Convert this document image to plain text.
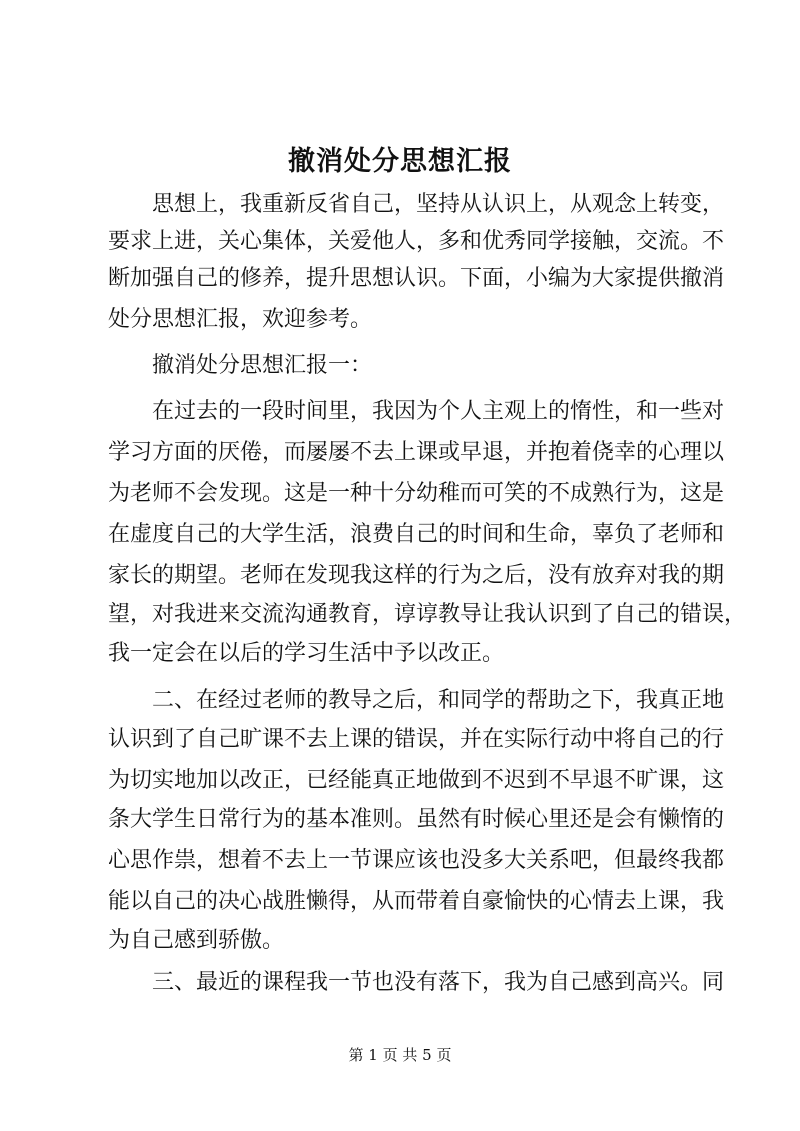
撤消处分思想汇报
思想上，我重新反省自己，坚持从认识上，从观念上转变，
要求上进，关心集体，关爱他人，多和优秀同学接触，交流。不
断加强自己的修养，提升思想认识。下面，小编为大家提供撤消
处分思想汇报，欢迎参考。
撤消处分思想汇报一：
在过去的一段时间里，我因为个人主观上的惰性，和一些对
学习方面的厌倦，而屡屡不去上课或早退，并抱着侥幸的心理以
为老师不会发现。这是一种十分幼稚而可笑的不成熟行为，这是
在虚度自己的大学生活，浪费自己的时间和生命，辜负了老师和
家长的期望。老师在发现我这样的行为之后，没有放弃对我的期
望，对我进来交流沟通教育，谆谆教导让我认识到了自己的错误，
我一定会在以后的学习生活中予以改正。
二、在经过老师的教导之后，和同学的帮助之下，我真正地
认识到了自己旷课不去上课的错误，并在实际行动中将自己的行
为切实地加以改正，已经能真正地做到不迟到不早退不旷课，这
条大学生日常行为的基本准则。虽然有时候心里还是会有懒惰的
心思作祟，想着不去上一节课应该也没多大关系吧，但最终我都
能以自己的决心战胜懒得，从而带着自豪愉快的心情去上课，我
为自己感到骄傲。
三、最近的课程我一节也没有落下，我为自己感到高兴。同
第 1 页 共 5 页
